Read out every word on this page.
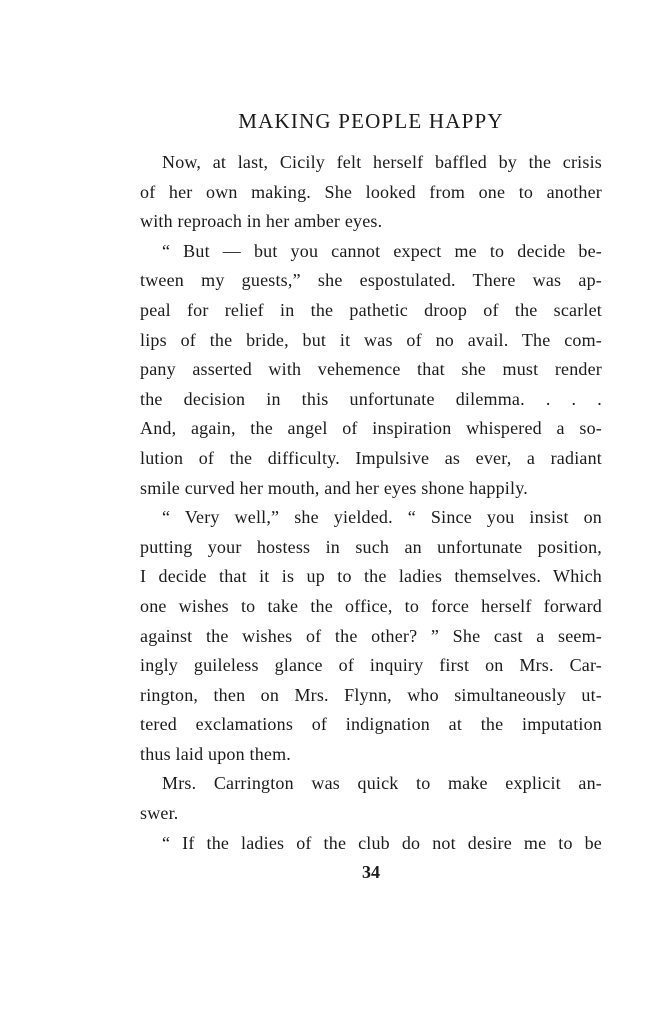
MAKING PEOPLE HAPPY
Now, at last, Cicily felt herself baffled by the crisis
of her own making. She looked from one to another
with reproach in her amber eyes.
“ But — but you cannot expect me to decide be-
tween my guests,” she espostulated. There was ap-
peal for relief in the pathetic droop of the scarlet
lips of the bride, but it was of no avail. The com-
pany asserted with vehemence that she must render
the decision in this unfortunate dilemma. . . .
And, again, the angel of inspiration whispered a so-
lution of the difficulty. Impulsive as ever, a radiant
smile curved her mouth, and her eyes shone happily.
“ Very well,” she yielded. “ Since you insist on
putting your hostess in such an unfortunate position,
I decide that it is up to the ladies themselves. Which
one wishes to take the office, to force herself forward
against the wishes of the other? ” She cast a seem-
ingly guileless glance of inquiry first on Mrs. Car-
rington, then on Mrs. Flynn, who simultaneously ut-
tered exclamations of indignation at the imputation
thus laid upon them.
Mrs. Carrington was quick to make explicit an-
swer.
“ If the ladies of the club do not desire me to be
34
